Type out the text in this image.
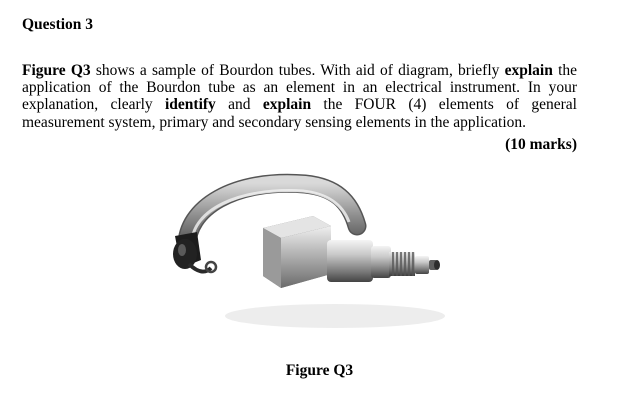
Question 3
Figure Q3 shows a sample of Bourdon tubes. With aid of diagram, briefly explain the application of the Bourdon tube as an element in an electrical instrument. In your explanation, clearly identify and explain the FOUR (4) elements of general measurement system, primary and secondary sensing elements in the application.
(10 marks)
Figure Q3
